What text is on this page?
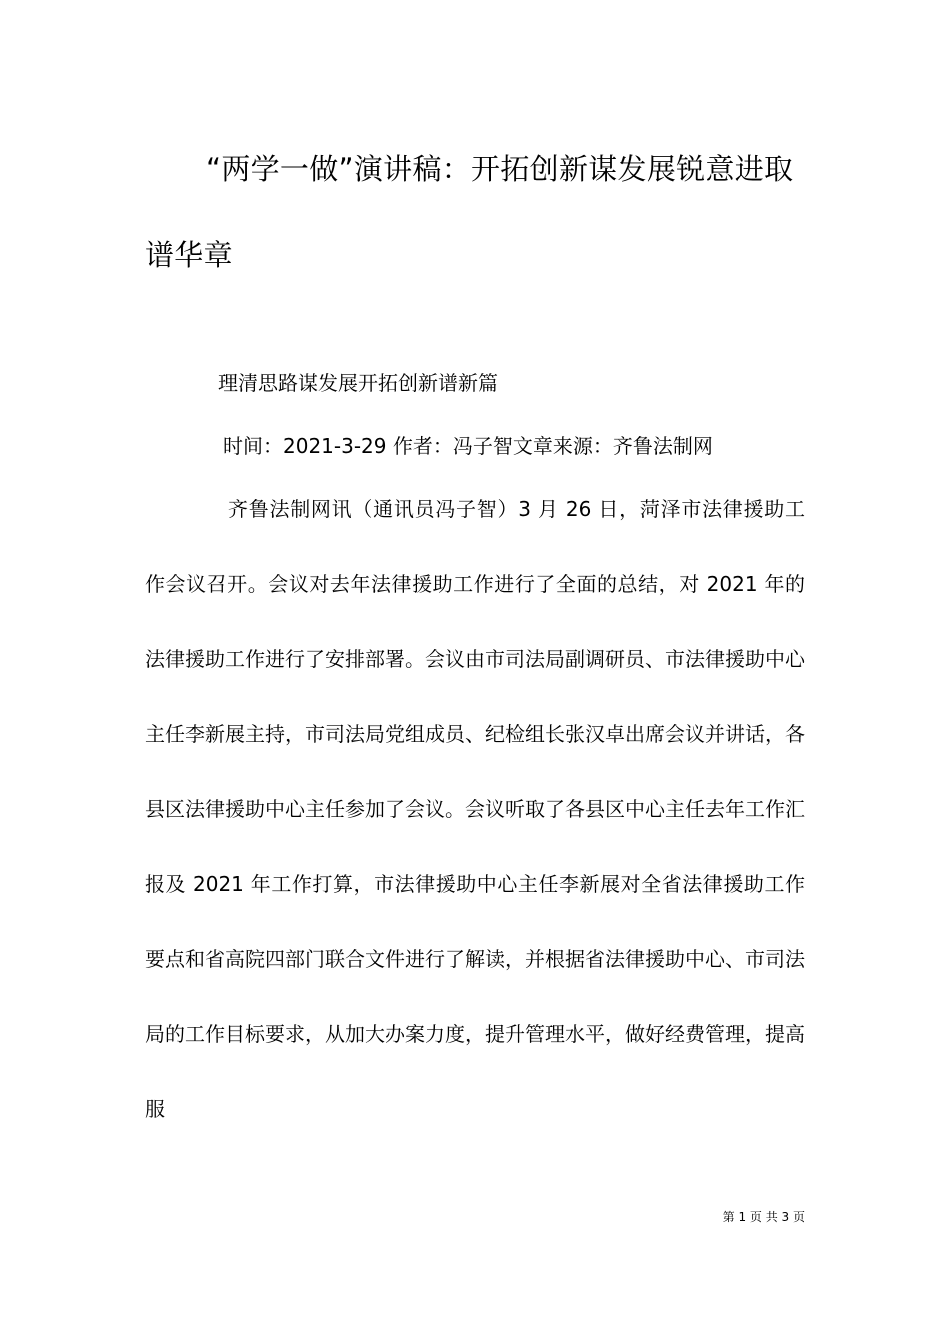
“两学一做”演讲稿：开拓创新谋发展锐意进取谱华章
理清思路谋发展开拓创新谱新篇
时间：2021-3-29 作者：冯子智文章来源：齐鲁法制网

齐鲁法制网讯（通讯员冯子智）3 月 26 日，菏泽市法律援助工作会议召开。会议对去年法律援助工作进行了全面的总结，对 2021 年的法律援助工作进行了安排部署。会议由市司法局副调研员、市法律援助中心主任李新展主持，市司法局党组成员、纪检组长张汉卓出席会议并讲话，各县区法律援助中心主任参加了会议。会议听取了各县区中心主任去年工作汇报及 2021 年工作打算，市法律援助中心主任李新展对全省法律援助工作要点和省高院四部门联合文件进行了解读，并根据省法律援助中心、市司法局的工作目标要求，从加大办案力度，提升管理水平，做好经费管理，提高服

第 1 页 共 3 页
